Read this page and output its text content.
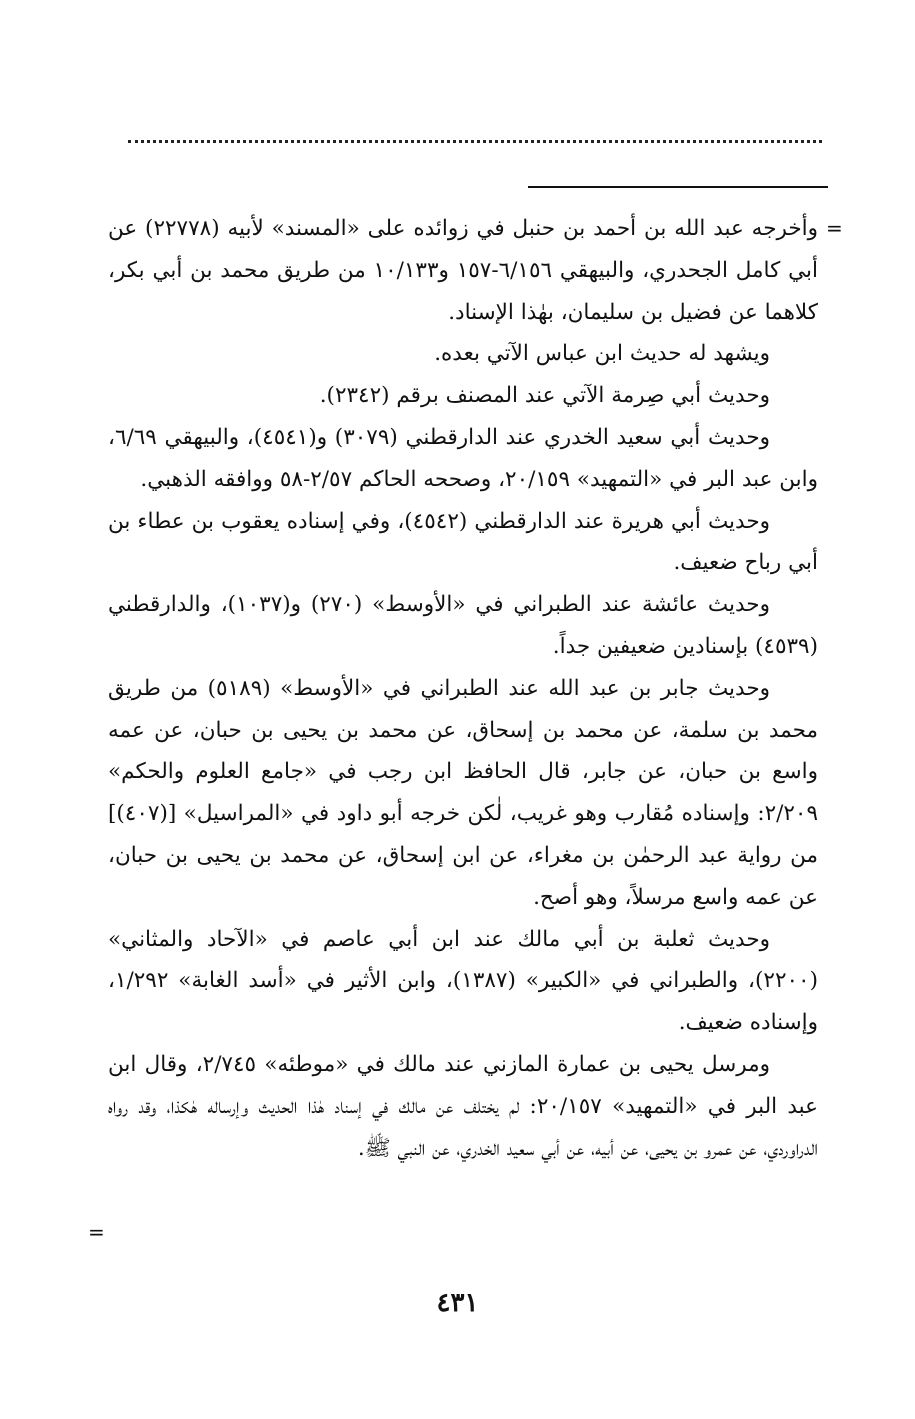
=

وأخرجه عبد الله بن أحمد بن حنبل في زوائده على «المسند» لأبيه (٢٢٧٧٨) عن أبي كامل الجحدري، والبيهقي ٦/١٥٦-١٥٧ و١٠/١٣٣ من طريق محمد بن أبي بكر، كلاهما عن فضيل بن سليمان، بهٰذا الإسناد.

ويشهد له حديث ابن عباس الآتي بعده.

وحديث أبي صِرمة الآتي عند المصنف برقم (٢٣٤٢).

وحديث أبي سعيد الخدري عند الدارقطني (٣٠٧٩) و(٤٥٤١)، والبيهقي ٦/٦٩، وابن عبد البر في «التمهيد» ٢٠/١٥٩، وصححه الحاكم ٢/٥٧-٥٨ ووافقه الذهبي.

وحديث أبي هريرة عند الدارقطني (٤٥٤٢)، وفي إسناده يعقوب بن عطاء بن أبي رباح ضعيف.

وحديث عائشة عند الطبراني في «الأوسط» (٢٧٠) و(١٠٣٧)، والدارقطني (٤٥٣٩) بإسنادين ضعيفين جداً.

وحديث جابر بن عبد الله عند الطبراني في «الأوسط» (٥١٨٩) من طريق محمد بن سلمة، عن محمد بن إسحاق، عن محمد بن يحيى بن حبان، عن عمه واسع بن حبان، عن جابر، قال الحافظ ابن رجب في «جامع العلوم والحكم» ٢/٢٠٩: وإسناده مُقارب وهو غريب، لٰكن خرجه أبو داود في «المراسيل» [(٤٠٧)] من رواية عبد الرحمٰن بن مغراء، عن ابن إسحاق، عن محمد بن يحيى بن حبان، عن عمه واسع مرسلاً، وهو أصح.

وحديث ثعلبة بن أبي مالك عند ابن أبي عاصم في «الآحاد والمثاني» (٢٢٠٠)، والطبراني في «الكبير» (١٣٨٧)، وابن الأثير في «أسد الغابة» ١/٢٩٢، وإسناده ضعيف.

ومرسل يحيى بن عمارة المازني عند مالك في «موطئه» ٢/٧٤٥، وقال ابن عبد البر في «التمهيد» ٢٠/١٥٧: لم يختلف عن مالك في إسناد هٰذا الحديث وإرساله هٰكذا، وقد رواه الدراوردي، عن عمرو بن يحيى، عن أبيه، عن أبي سعيد الخدري، عن النبي ﷺ.

=
٤٣١
